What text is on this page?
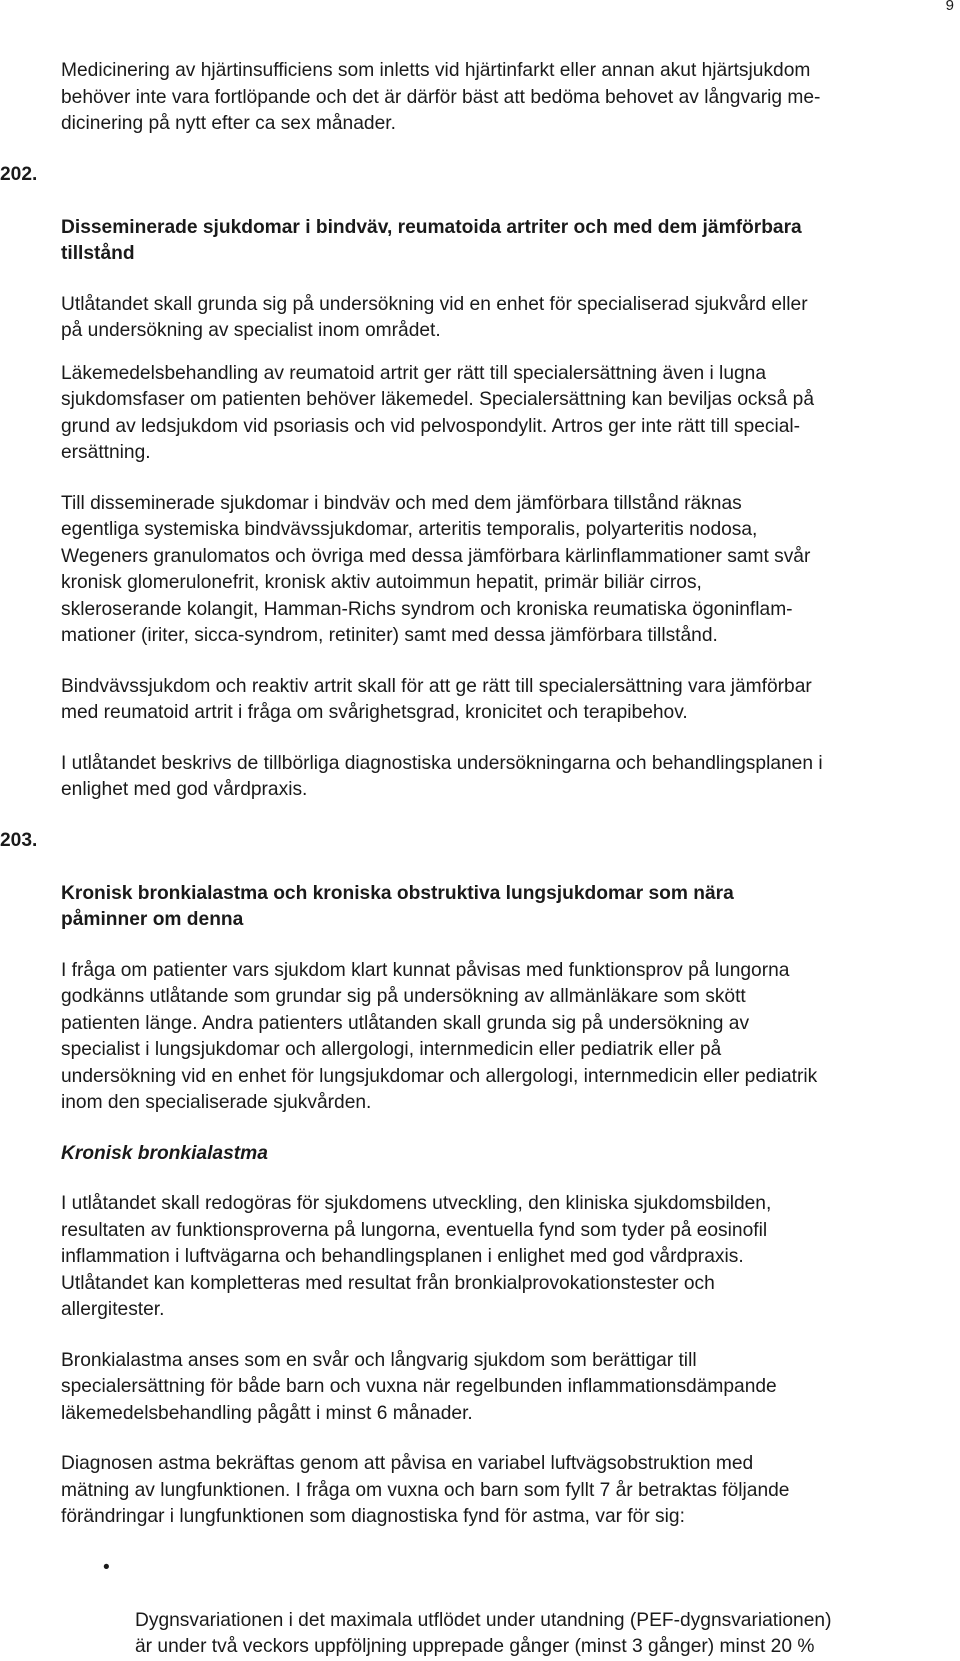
9

Medicinering av hjärtinsufficiens som inletts vid hjärtinfarkt eller annan akut hjärtsjukdom
behöver inte vara fortlöpande och det är därför bäst att bedöma behovet av långvarig me-
dicinering på nytt efter ca sex månader.

202.

Disseminerade sjukdomar i bindväv, reumatoida artriter och med dem jämförbara
tillstånd

Utlåtandet skall grunda sig på undersökning vid en enhet för specialiserad sjukvård eller
på undersökning av specialist inom området.

Läkemedelsbehandling av reumatoid artrit ger rätt till specialersättning även i lugna
sjukdomsfaser om patienten behöver läkemedel. Specialersättning kan beviljas också på
grund av ledsjukdom vid psoriasis och vid pelvospondylit. Artros ger inte rätt till special-
ersättning.

Till disseminerade sjukdomar i bindväv och med dem jämförbara tillstånd räknas
egentliga systemiska bindvävssjukdomar, arteritis temporalis, polyarteritis nodosa,
Wegeners granulomatos och övriga med dessa jämförbara kärlinflammationer samt svår
kronisk glomerulonefrit, kronisk aktiv autoimmun hepatit, primär biliär cirros,
skleroserande kolangit, Hamman-Richs syndrom och kroniska reumatiska ögoninflam-
mationer (iriter, sicca-syndrom, retiniter) samt med dessa jämförbara tillstånd.

Bindvävssjukdom och reaktiv artrit skall för att ge rätt till specialersättning vara jämförbar
med reumatoid artrit i fråga om svårighetsgrad, kronicitet och terapibehov.

I utlåtandet beskrivs de tillbörliga diagnostiska undersökningarna och behandlingsplanen i
enlighet med god vårdpraxis.

203.

Kronisk bronkialastma och kroniska obstruktiva lungsjukdomar som nära
påminner om denna

I fråga om patienter vars sjukdom klart kunnat påvisas med funktionsprov på lungorna
godkänns utlåtande som grundar sig på undersökning av allmänläkare som skött
patienten länge. Andra patienters utlåtanden skall grunda sig på undersökning av
specialist i lungsjukdomar och allergologi, internmedicin eller pediatrik eller på
undersökning vid en enhet för lungsjukdomar och allergologi, internmedicin eller pediatrik
inom den specialiserade sjukvården.

Kronisk bronkialastma

I utlåtandet skall redogöras för sjukdomens utveckling, den kliniska sjukdomsbilden,
resultaten av funktionsproverna på lungorna, eventuella fynd som tyder på eosinofil
inflammation i luftvägarna och behandlingsplanen i enlighet med god vårdpraxis.
Utlåtandet kan kompletteras med resultat från bronkialprovokationstester och
allergitester.

Bronkialastma anses som en svår och långvarig sjukdom som berättigar till
specialersättning för både barn och vuxna när regelbunden inflammationsdämpande
läkemedelsbehandling pågått i minst 6 månader.

Diagnosen astma bekräftas genom att påvisa en variabel luftvägsobstruktion med
mätning av lungfunktionen. I fråga om vuxna och barn som fyllt 7 år betraktas följande
förändringar i lungfunktionen som diagnostiska fynd för astma, var för sig:

•

Dygnsvariationen i det maximala utflödet under utandning (PEF-dygnsvariationen)
är under två veckors uppföljning upprepade gånger (minst 3 gånger) minst 20 %
